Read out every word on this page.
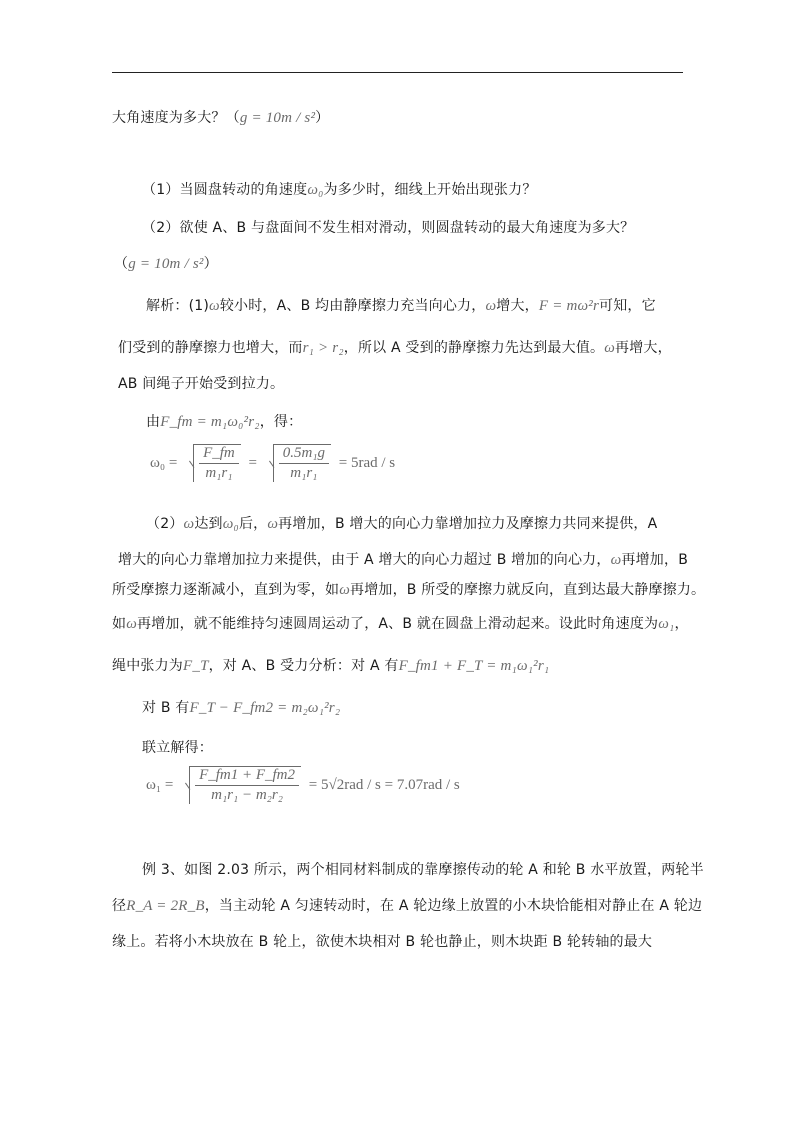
大角速度为多大？（g = 10m / s²）
（1）当圆盘转动的角速度ω₀为多少时，细线上开始出现张力？
（2）欲使 A、B 与盘面间不发生相对滑动，则圆盘转动的最大角速度为多大？
（g = 10m / s²）
解析：(1)ω较小时，A、B 均由静摩擦力充当向心力，ω增大，F = mω²r可知，它
们受到的静摩擦力也增大，而r₁ > r₂，所以 A 受到的静摩擦力先达到最大值。ω再增大，
AB 间绳子开始受到拉力。
由F_fm = m₁ω₀²r₂，得：
$\omega_0 = \frac{F\_fm}{\text{m₁r₁}} = \frac{\text{0.5m₁g}}{\text{m₁r₁}} = 5rad / s$
（2）ω达到ω₀后，ω再增加，B 增大的向心力靠增加拉力及摩擦力共同来提供，A
增大的向心力靠增加拉力来提供，由于 A 增大的向心力超过 B 增加的向心力，ω再增加，B
所受摩擦力逐渐减小，直到为零，如ω再增加，B 所受的摩擦力就反向，直到达最大静摩擦力。
如ω再增加，就不能维持匀速圆周运动了，A、B 就在圆盘上滑动起来。设此时角速度为ω₁，
绳中张力为F_T，对 A、B 受力分析：对 A 有F_fm1 + F_T = m₁ω₁²r₁
对 B 有F_T − F_fm2 = m₂ω₁²r₂
联立解得：
$\omega_1 = \frac{F\_fm1 + F\_fm2}{\text{m₁r₁ − m₂r₂}} = 5√2rad / s = 7.07rad / s$
例 3、如图 2.03 所示，两个相同材料制成的靠摩擦传动的轮 A 和轮 B 水平放置，两轮半
径R_A = 2R_B，当主动轮 A 匀速转动时，在 A 轮边缘上放置的小木块恰能相对静止在 A 轮边
缘上。若将小木块放在 B 轮上，欲使木块相对 B 轮也静止，则木块距 B 轮转轴的最大
